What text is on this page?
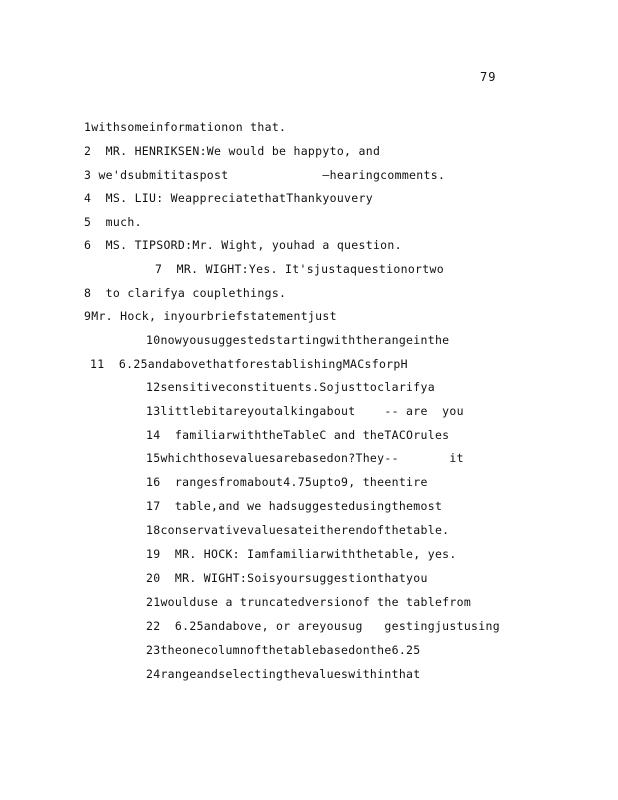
79
1withsomeinformationon that.
2  MR. HENRIKSEN:We would be happyto, and
3 we'dsubmititaspost             —hearingcomments.
4  MS. LIU: WeappreciatethatThankyouvery
5  much.
6  MS. TIPSORD:Mr. Wight, youhad a question.
7  MR. WIGHT:Yes. It'sjustaquestionortwo
8  to clarifya couplethings.
9Mr. Hock, inyourbriefstatementjust
10nowyousuggestedstartingwiththerangeinthe
11  6.25andabovethatforestablishingMACsforpH
12sensitiveconstituents.Sojusttoclarifya
13littlebitareyoutalkingabout    -- are  you
14  familiarwiththeTableC and theTACOrules
15whichthosevaluesarebasedon?They--       it
16  rangesfromabout4.75upto9, theentire
17  table,and we hadsuggestedusingthemost
18conservativevaluesateitherendofthetable.
19  MR. HOCK: Iamfamiliarwiththetable, yes.
20  MR. WIGHT:Soisyoursuggestionthatyou
21woulduse a truncatedversionof the tablefrom
22  6.25andabove, or areyousug   gestingjustusing
23theonecolumnofthetablebasedonthe6.25
24rangeandselectingthevalueswithinthat
